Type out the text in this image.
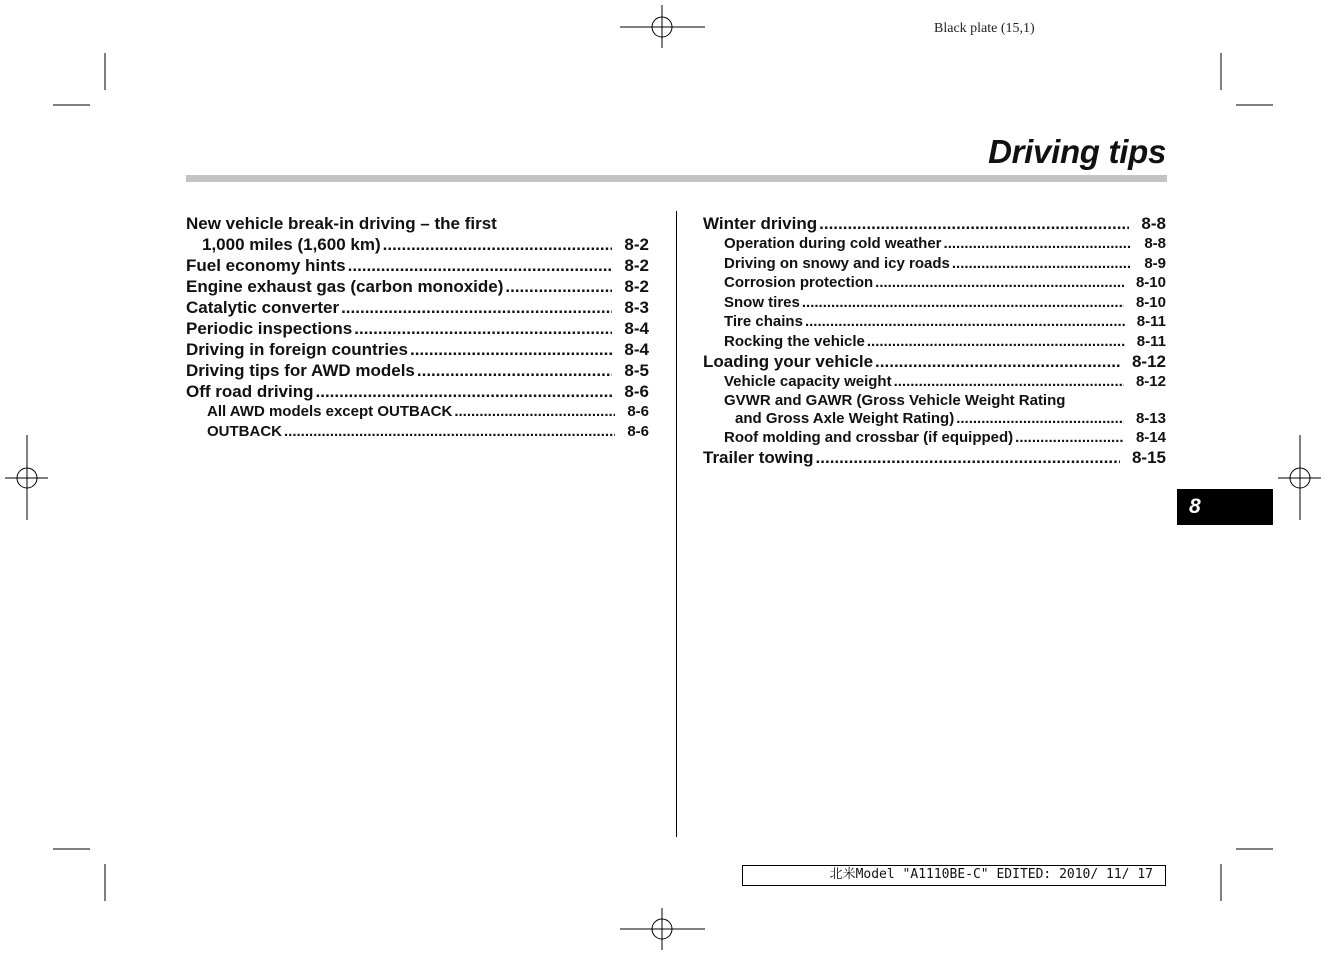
Black plate (15,1)
Driving tips
New vehicle break-in driving – the first
1,000 miles (1,600 km) .....	8-2
Fuel economy hints .....	8-2
Engine exhaust gas (carbon monoxide) .....	8-2
Catalytic converter .....	8-3
Periodic inspections .....	8-4
Driving in foreign countries .....	8-4
Driving tips for AWD models .....	8-5
Off road driving .....	8-6
All AWD models except OUTBACK .....	8-6
OUTBACK .....	8-6
Winter driving .....	8-8
Operation during cold weather .....	8-8
Driving on snowy and icy roads .....	8-9
Corrosion protection .....	8-10
Snow tires .....	8-10
Tire chains .....	8-11
Rocking the vehicle .....	8-11
Loading your vehicle .....	8-12
Vehicle capacity weight .....	8-12
GVWR and GAWR (Gross Vehicle Weight Rating
and Gross Axle Weight Rating) .....	8-13
Roof molding and crossbar (if equipped) .....	8-14
Trailer towing .....	8-15
8
北米Model "A1110BE-C" EDITED: 2010/ 11/ 17
